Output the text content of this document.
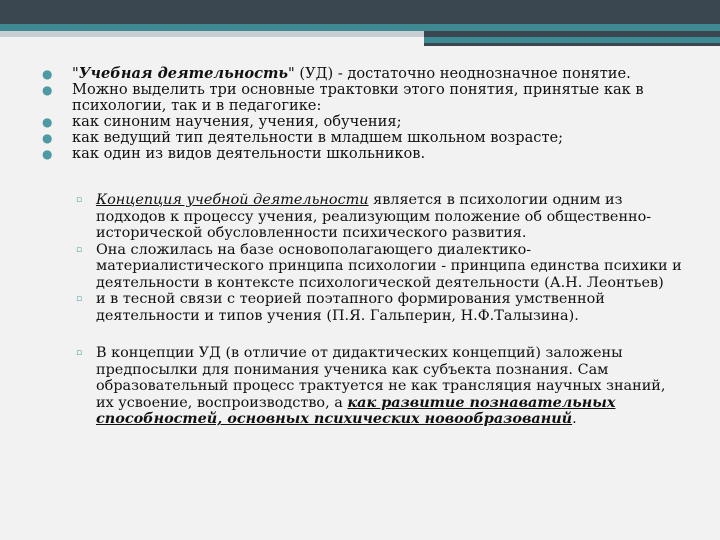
● "Учебная деятельность" (УД) - достаточно неоднозначное понятие.
● Можно выделить три основные трактовки этого понятия, принятые как в психологии, так и в педагогике:
● как синоним научения, учения, обучения;
● как ведущий тип деятельности в младшем школьном возрасте;
● как один из видов деятельности школьников.
▫ Концепция учебной деятельности является в психологии одним из подходов к процессу учения, реализующим положение об общественно-исторической обусловленности психического развития.
▫ Она сложилась на базе основополагающего диалектико-материалистического принципа психологии - принципа единства психики и деятельности в контексте психологической деятельности (А.Н. Леонтьев)
▫ и в тесной связи с теорией поэтапного формирования умственной деятельности и типов учения (П.Я. Гальперин, Н.Ф.Талызина).
▫ В концепции УД (в отличие от дидактических концепций) заложены предпосылки для понимания ученика как субъекта познания. Сам образовательный процесс трактуется не как трансляция научных знаний, их усвоение, воспроизводство, а как развитие познавательных способностей, основных психических новообразований.
